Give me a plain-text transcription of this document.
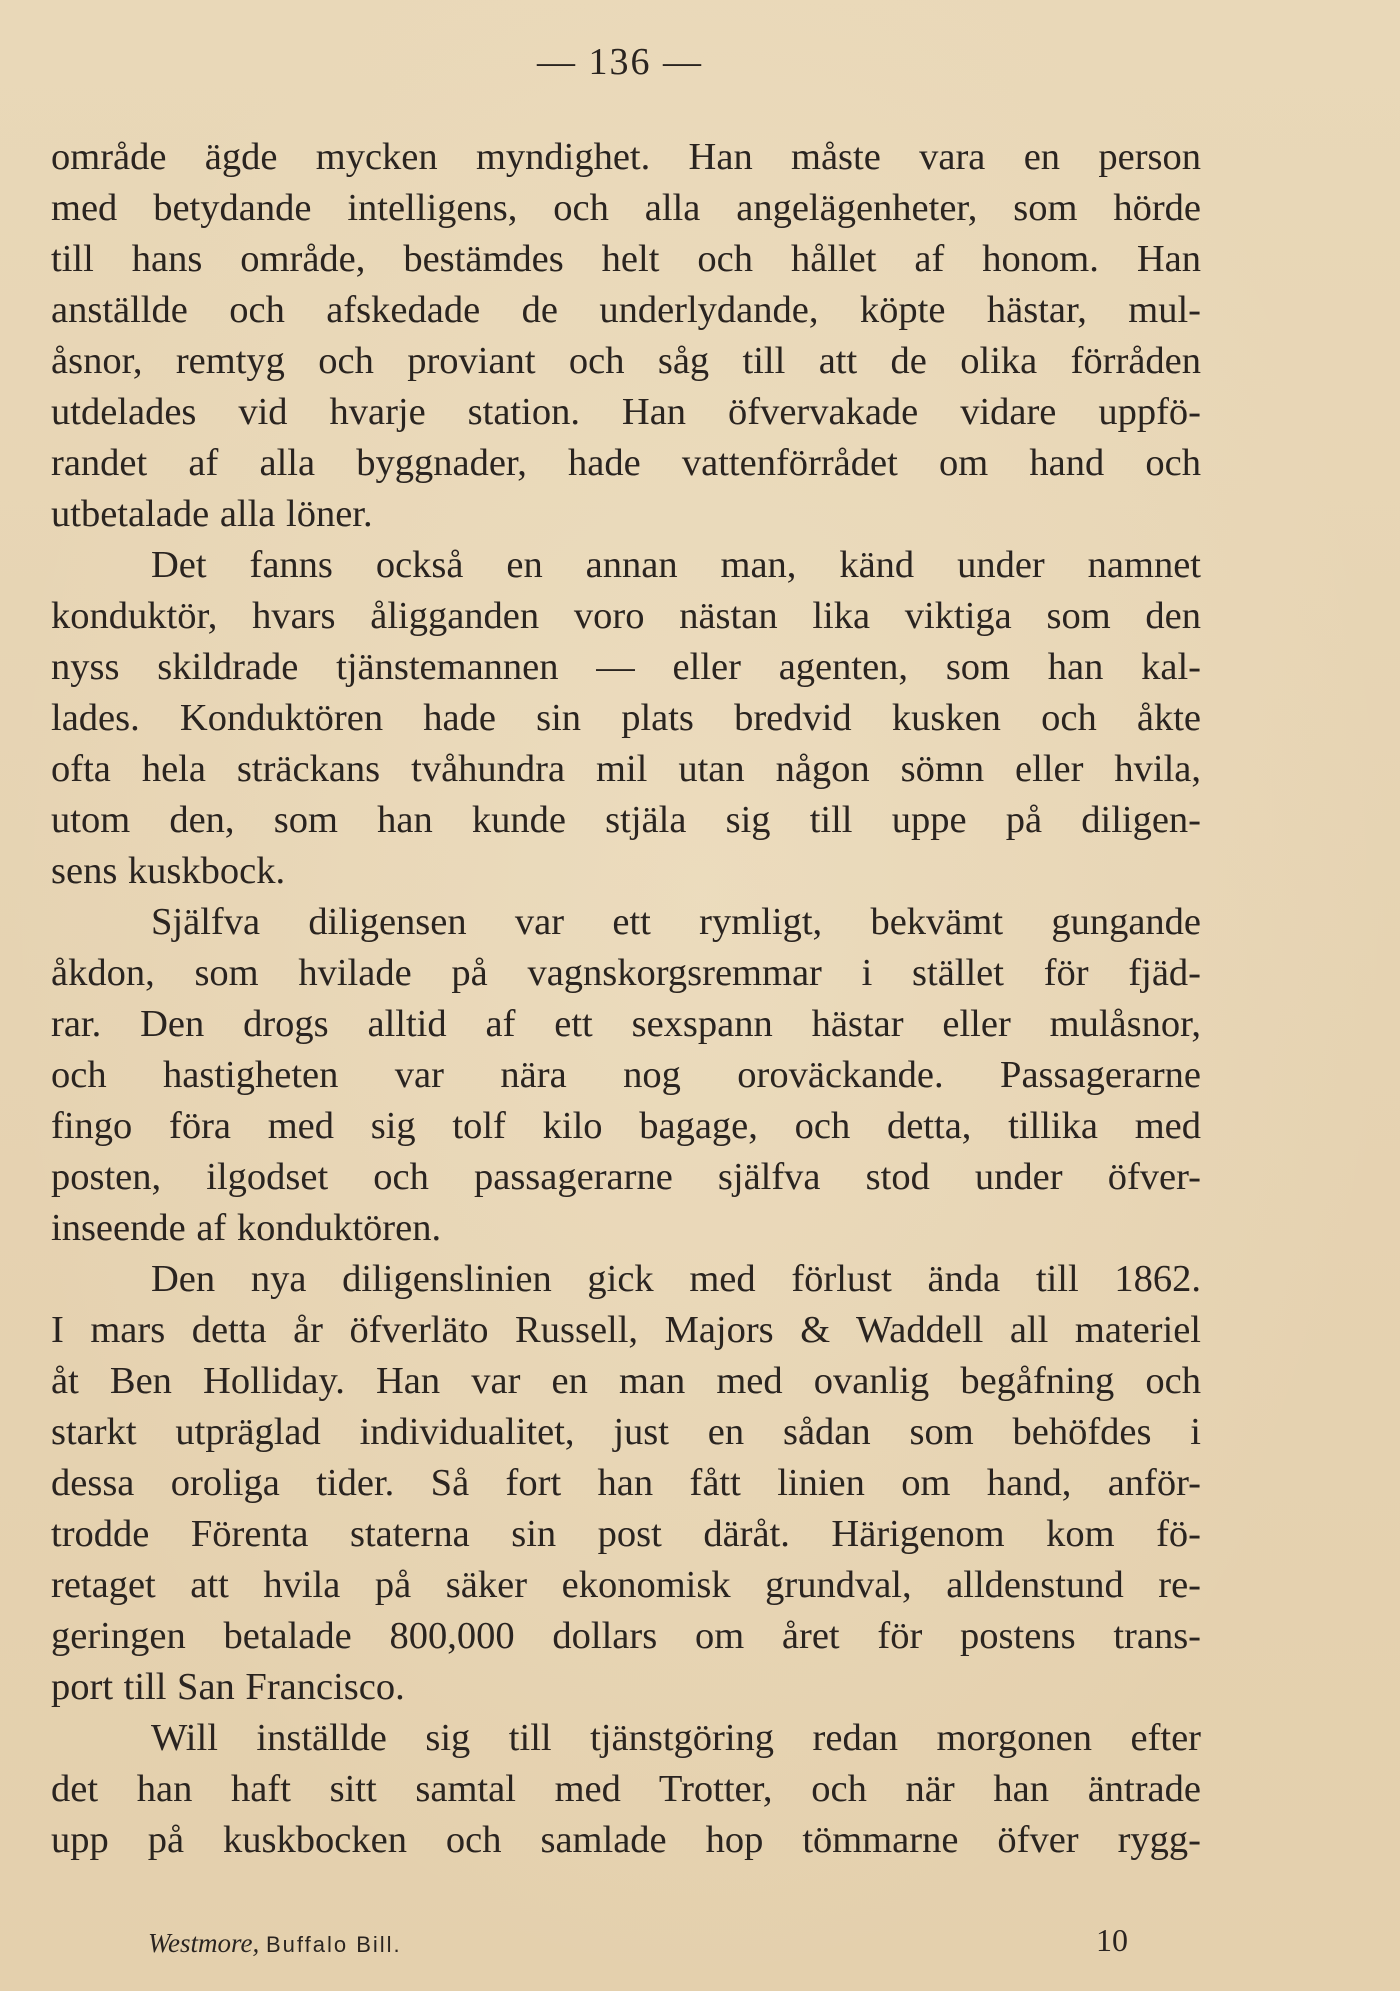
— 136 —
område ägde mycken myndighet. Han måste vara en person
med betydande intelligens, och alla angelägenheter, som hörde
till hans område, bestämdes helt och hållet af honom. Han
anställde och afskedade de underlydande, köpte hästar, mul-
åsnor, remtyg och proviant och såg till att de olika förråden
utdelades vid hvarje station. Han öfvervakade vidare uppfö-
randet af alla byggnader, hade vattenförrådet om hand och
utbetalade alla löner.
Det fanns också en annan man, känd under namnet
konduktör, hvars åligganden voro nästan lika viktiga som den
nyss skildrade tjänstemannen — eller agenten, som han kal-
lades. Konduktören hade sin plats bredvid kusken och åkte
ofta hela sträckans tvåhundra mil utan någon sömn eller hvila,
utom den, som han kunde stjäla sig till uppe på diligen-
sens kuskbock.
Själfva diligensen var ett rymligt, bekvämt gungande
åkdon, som hvilade på vagnskorgsremmar i stället för fjäd-
rar. Den drogs alltid af ett sexspann hästar eller mulåsnor,
och hastigheten var nära nog oroväckande. Passagerarne
fingo föra med sig tolf kilo bagage, och detta, tillika med
posten, ilgodset och passagerarne själfva stod under öfver-
inseende af konduktören.
Den nya diligenslinien gick med förlust ända till 1862.
I mars detta år öfverläto Russell, Majors & Waddell all materiel
åt Ben Holliday. Han var en man med ovanlig begåfning och
starkt utpräglad individualitet, just en sådan som behöfdes i
dessa oroliga tider. Så fort han fått linien om hand, anför-
trodde Förenta staterna sin post däråt. Härigenom kom fö-
retaget att hvila på säker ekonomisk grundval, alldenstund re-
geringen betalade 800,000 dollars om året för postens trans-
port till San Francisco.
Will inställde sig till tjänstgöring redan morgonen efter
det han haft sitt samtal med Trotter, och när han äntrade
upp på kuskbocken och samlade hop tömmarne öfver rygg-
Westmore, Buffalo Bill.	10
